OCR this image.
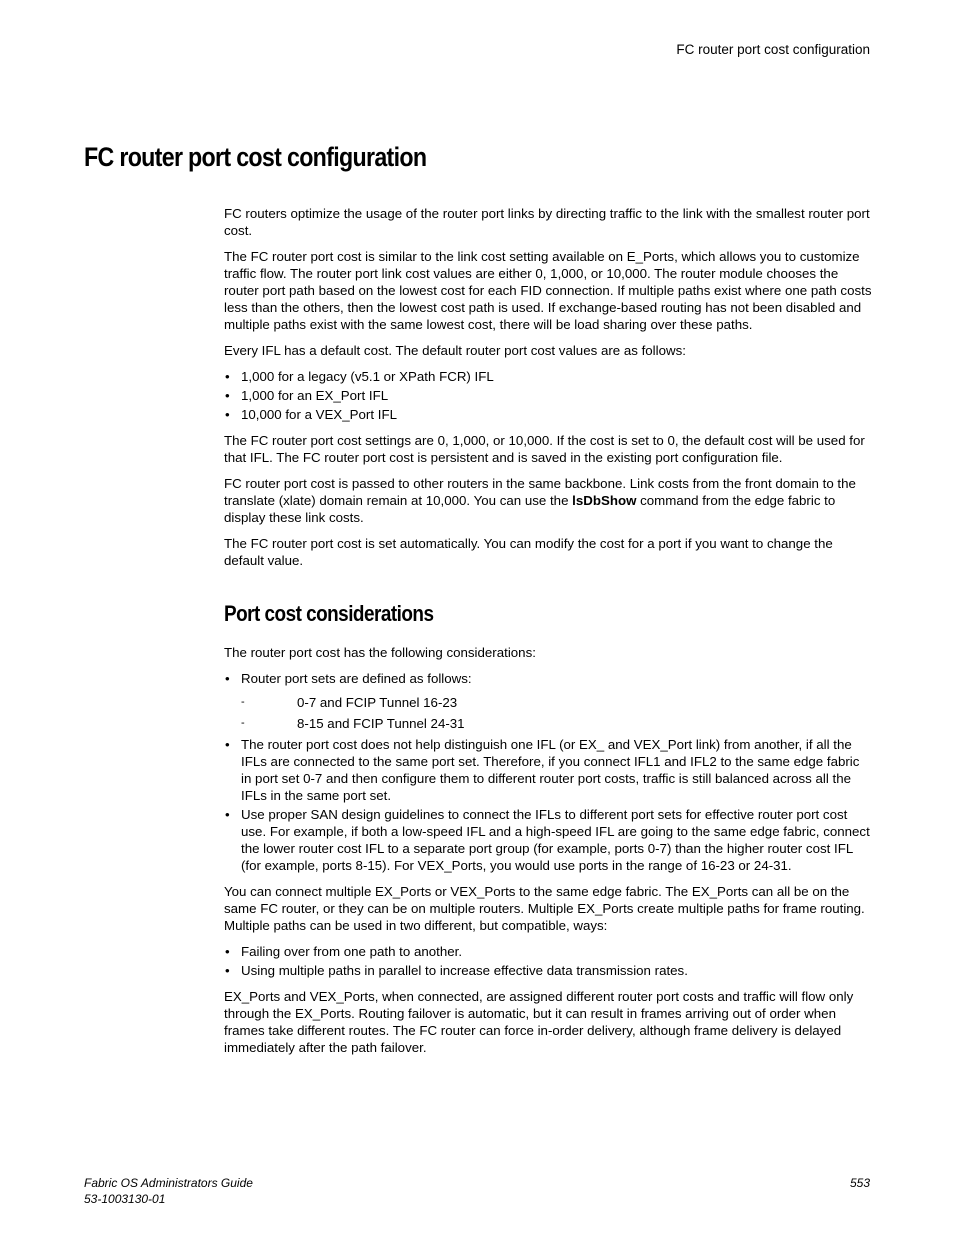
FC router port cost configuration
FC router port cost configuration

FC routers optimize the usage of the router port links by directing traffic to the link with the smallest router port cost.

The FC router port cost is similar to the link cost setting available on E_Ports, which allows you to customize traffic flow. The router port link cost values are either 0, 1,000, or 10,000. The router module chooses the router port path based on the lowest cost for each FID connection. If multiple paths exist where one path costs less than the others, then the lowest cost path is used. If exchange-based routing has not been disabled and multiple paths exist with the same lowest cost, there will be load sharing over these paths.

Every IFL has a default cost. The default router port cost values are as follows:

• 1,000 for a legacy (v5.1 or XPath FCR) IFL
• 1,000 for an EX_Port IFL
• 10,000 for a VEX_Port IFL

The FC router port cost settings are 0, 1,000, or 10,000. If the cost is set to 0, the default cost will be used for that IFL. The FC router port cost is persistent and is saved in the existing port configuration file.

FC router port cost is passed to other routers in the same backbone. Link costs from the front domain to the translate (xlate) domain remain at 10,000. You can use the lsDbShow command from the edge fabric to display these link costs.

The FC router port cost is set automatically. You can modify the cost for a port if you want to change the default value.

Port cost considerations

The router port cost has the following considerations:

• Router port sets are defined as follows:
- 0-7 and FCIP Tunnel 16-23
- 8-15 and FCIP Tunnel 24-31
• The router port cost does not help distinguish one IFL (or EX_ and VEX_Port link) from another, if all the IFLs are connected to the same port set. Therefore, if you connect IFL1 and IFL2 to the same edge fabric in port set 0-7 and then configure them to different router port costs, traffic is still balanced across all the IFLs in the same port set.
• Use proper SAN design guidelines to connect the IFLs to different port sets for effective router port cost use. For example, if both a low-speed IFL and a high-speed IFL are going to the same edge fabric, connect the lower router cost IFL to a separate port group (for example, ports 0-7) than the higher router cost IFL (for example, ports 8-15). For VEX_Ports, you would use ports in the range of 16-23 or 24-31.

You can connect multiple EX_Ports or VEX_Ports to the same edge fabric. The EX_Ports can all be on the same FC router, or they can be on multiple routers. Multiple EX_Ports create multiple paths for frame routing. Multiple paths can be used in two different, but compatible, ways:

• Failing over from one path to another.
• Using multiple paths in parallel to increase effective data transmission rates.

EX_Ports and VEX_Ports, when connected, are assigned different router port costs and traffic will flow only through the EX_Ports. Routing failover is automatic, but it can result in frames arriving out of order when frames take different routes. The FC router can force in-order delivery, although frame delivery is delayed immediately after the path failover.

Fabric OS Administrators Guide
53-1003130-01
553
